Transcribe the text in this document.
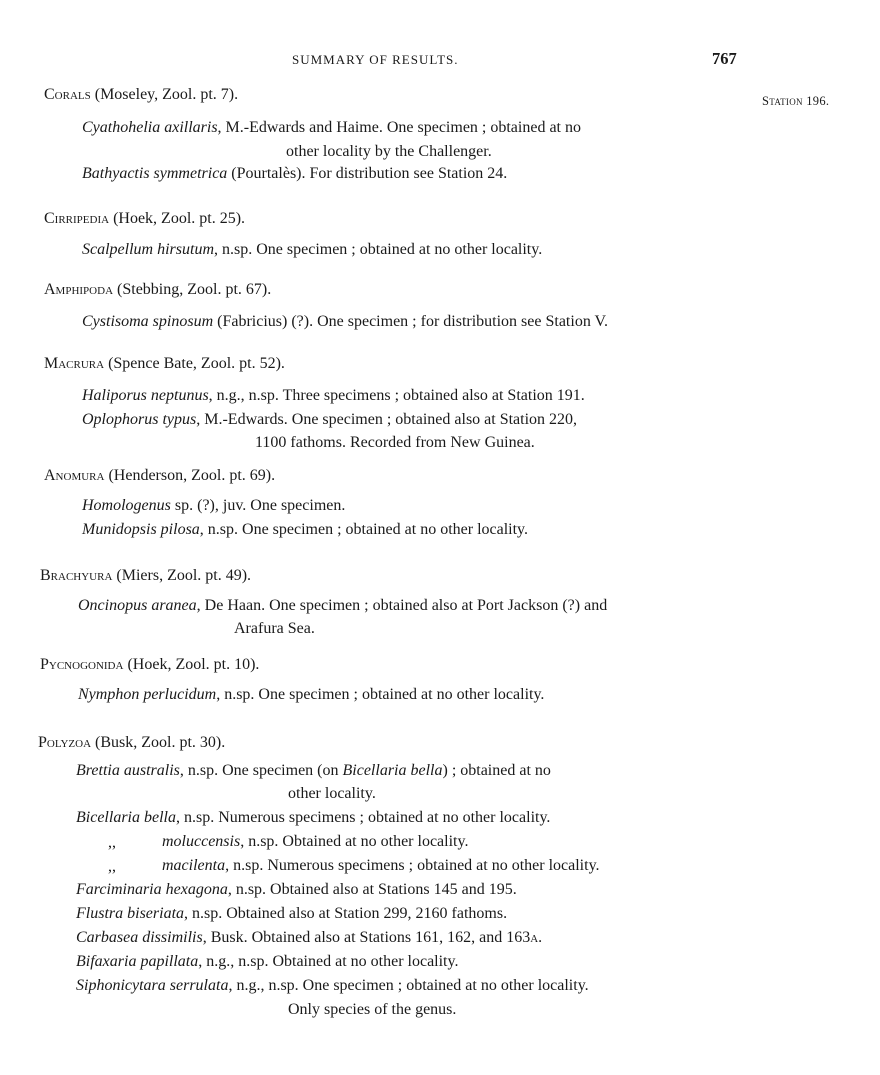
SUMMARY OF RESULTS.	767
Station 196.
Corals (Moseley, Zool. pt. 7).
Cyathohelia axillaris, M.-Edwards and Haime. One specimen ; obtained at no
other locality by the Challenger.
Bathyactis symmetrica (Pourtalès). For distribution see Station 24.
Cirripedia (Hoek, Zool. pt. 25).
Scalpellum hirsutum, n.sp. One specimen ; obtained at no other locality.
Amphipoda (Stebbing, Zool. pt. 67).
Cystisoma spinosum (Fabricius) (?). One specimen ; for distribution see Station V.
Macrura (Spence Bate, Zool. pt. 52).
Haliporus neptunus, n.g., n.sp. Three specimens ; obtained also at Station 191.
Oplophorus typus, M.-Edwards. One specimen ; obtained also at Station 220,
1100 fathoms. Recorded from New Guinea.
Anomura (Henderson, Zool. pt. 69).
Homologenus sp. (?), juv. One specimen.
Munidopsis pilosa, n.sp. One specimen ; obtained at no other locality.
Brachyura (Miers, Zool. pt. 49).
Oncinopus aranea, De Haan. One specimen ; obtained also at Port Jackson (?) and
Arafura Sea.
Pycnogonida (Hoek, Zool. pt. 10).
Nymphon perlucidum, n.sp. One specimen ; obtained at no other locality.
Polyzoa (Busk, Zool. pt. 30).
Brettia australis, n.sp. One specimen (on Bicellaria bella) ; obtained at no
other locality.
Bicellaria bella, n.sp. Numerous specimens ; obtained at no other locality.
,,	moluccensis, n.sp. Obtained at no other locality.
,,	macilenta, n.sp. Numerous specimens ; obtained at no other locality.
Farciminaria hexagona, n.sp. Obtained also at Stations 145 and 195.
Flustra biseriata, n.sp. Obtained also at Station 299, 2160 fathoms.
Carbasea dissimilis, Busk. Obtained also at Stations 161, 162, and 163a.
Bifaxaria papillata, n.g., n.sp. Obtained at no other locality.
Siphonicytara serrulata, n.g., n.sp. One specimen ; obtained at no other locality.
Only species of the genus.
